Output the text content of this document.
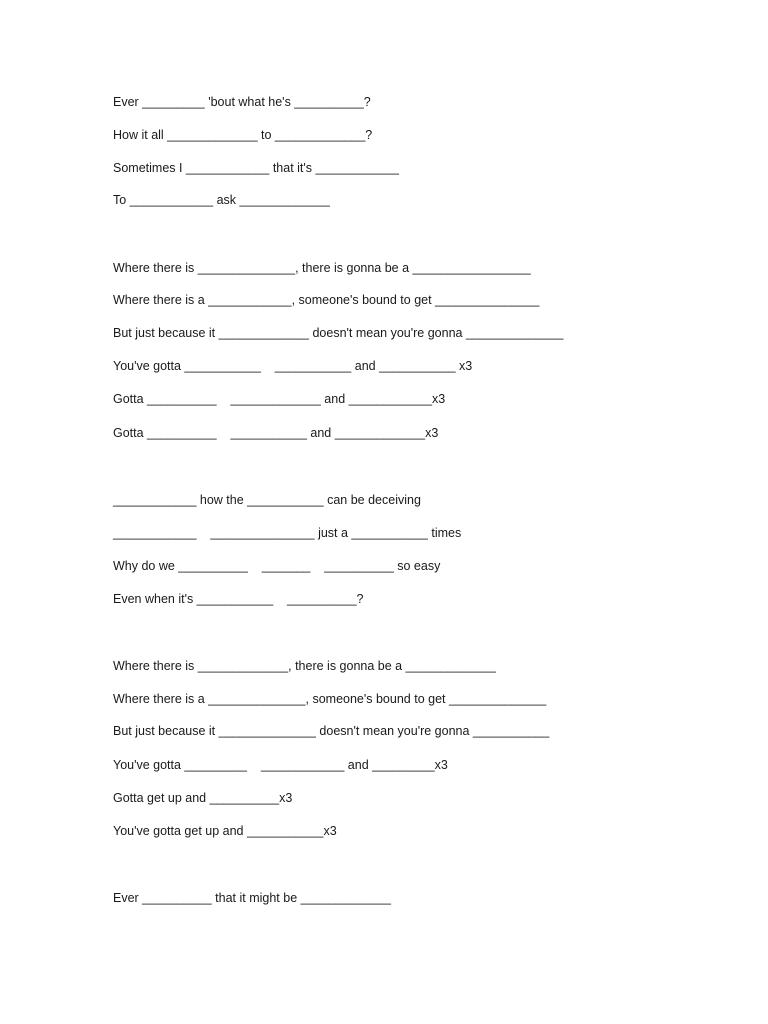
Ever _________ 'bout what he's __________?
How it all _____________ to _____________?
Sometimes I ____________ that it's ____________
To ____________ ask _____________
Where there is ______________, there is gonna be a _________________
Where there is a ____________, someone's bound to get _______________
But just because it _____________ doesn't mean you're gonna ______________
You've gotta ___________    ___________ and ___________ x3
Gotta __________    _____________ and ____________x3
Gotta __________    ___________ and _____________x3
____________ how the ___________ can be deceiving
____________    _______________ just a ___________ times
Why do we __________    _______    __________ so easy
Even when it's ___________    __________?
Where there is _____________, there is gonna be a _____________
Where there is a ______________, someone's bound to get ______________
But just because it ______________ doesn't mean you're gonna ___________
You've gotta _________    ____________ and _________x3
Gotta get up and __________x3
You've gotta get up and ___________x3
Ever __________ that it might be _____________
